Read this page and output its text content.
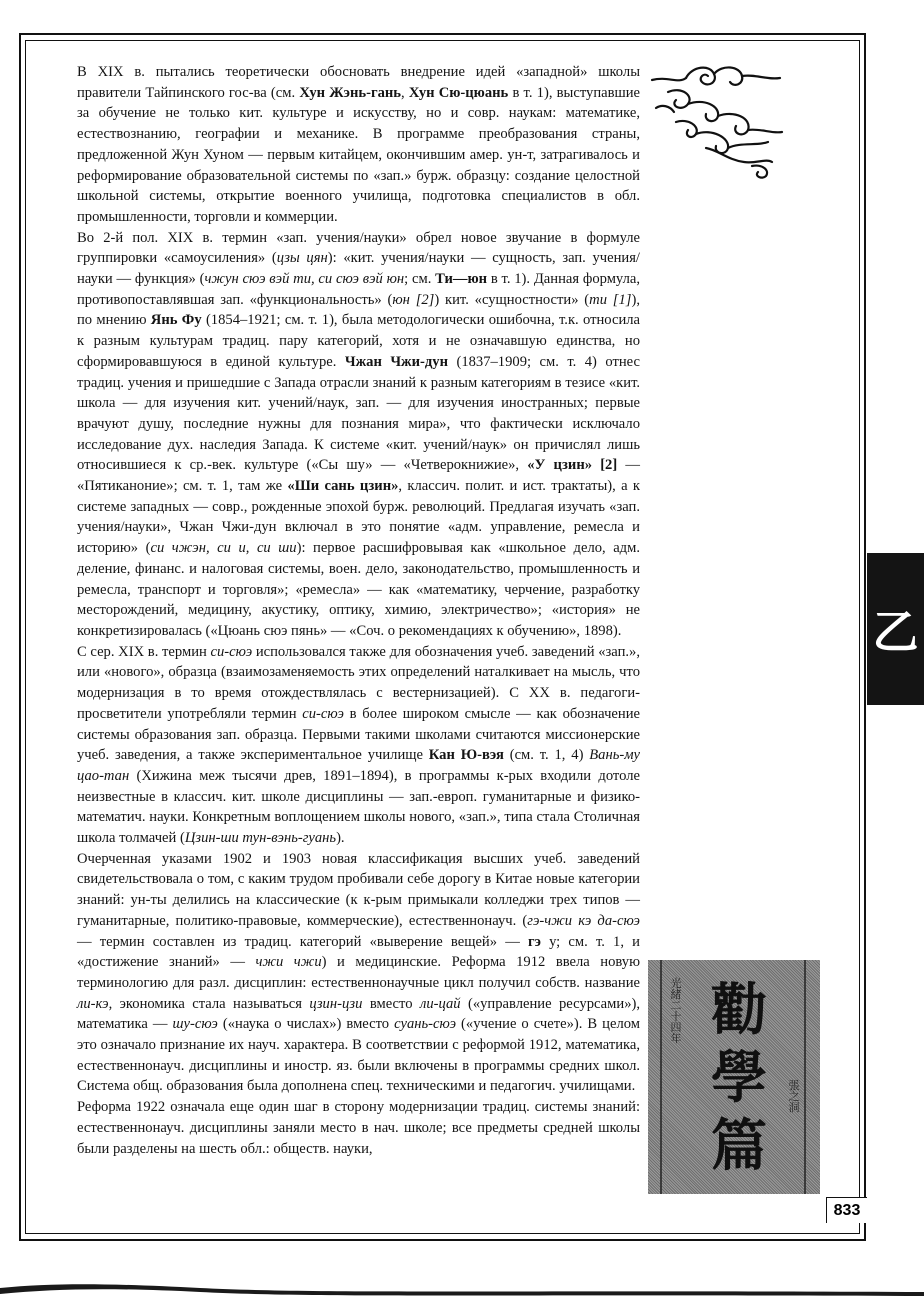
В XIX в. пытались теоретически обосновать внедрение идей «западной» школы правители Тайпинского гос-ва (см. Хун Жэнь-гань, Хун Сю-цюань в т. 1), выступавшие за обучение не только кит. культуре и искусству, но и совр. наукам: математике, естествознанию, географии и механике. В программе преобразования страны, предложенной Жун Хуном — первым китайцем, окончившим амер. ун-т, затрагивалось и реформирование образовательной системы по «зап.» бурж. образцу: создание целостной школьной системы, открытие военного училища, подготовка специалистов в обл. промышленности, торговли и коммерции.

Во 2-й пол. XIX в. термин «зап. учения/науки» обрел новое звучание в формуле группировки «самоусиления» (цзы цян): «кит. учения/науки — сущность, зап. учения/науки — функция» (чжун сюэ вэй ти, си сюэ вэй юн; см. Ти—юн в т. 1). Данная формула, противопоставлявшая зап. «функциональность» (юн [2]) кит. «сущностности» (ти [1]), по мнению Янь Фу (1854–1921; см. т. 1), была методологически ошибочна, т.к. относила к разным культурам традиц. пару категорий, хотя и не означавшую единства, но сформировавшуюся в единой культуре. Чжан Чжи-дун (1837–1909; см. т. 4) отнес традиц. учения и пришедшие с Запада отрасли знаний к разным категориям в тезисе «кит. школа — для изучения кит. учений/наук, зап. — для изучения иностранных; первые врачуют душу, последние нужны для познания мира», что фактически исключало исследование дух. наследия Запада. К системе «кит. учений/наук» он причислял лишь относившиеся к ср.-век. культуре («Сы шу» — «Четверокнижие», «У цзин» [2] — «Пятиканоние»; см. т. 1, там же «Ши сань цзин», классич. полит. и ист. трактаты), а к системе западных — совр., рожденные эпохой бурж. революций. Предлагая изучать «зап. учения/науки», Чжан Чжи-дун включал в это понятие «адм. управление, ремесла и историю» (си чжэн, си и, си ши): первое расшифровывая как «школьное дело, адм. деление, финанс. и налоговая системы, воен. дело, законодательство, промышленность и ремесла, транспорт и торговля»; «ремесла» — как «математику, черчение, разработку месторождений, медицину, акустику, оптику, химию, электричество»; «история» не конкретизировалась («Цюань сюэ пянь» — «Соч. о рекомендациях к обучению», 1898).

С сер. XIX в. термин си-сюэ использовался также для обозначения учеб. заведений «зап.», или «нового», образца (взаимозаменяемость этих определений наталкивает на мысль, что модернизация в то время отождествлялась с вестернизацией). С XX в. педагоги-просветители употребляли термин си-сюэ в более широком смысле — как обозначение системы образования зап. образца. Первыми такими школами считаются миссионерские учеб. заведения, а также экспериментальное училище Кан Ю-вэя (см. т. 1, 4) Вань-му цао-тан (Хижина меж тысячи древ, 1891–1894), в программы к-рых входили дотоле неизвестные в классич. кит. школе дисциплины — зап.-европ. гуманитарные и физико-математич. науки. Конкретным воплощением школы нового, «зап.», типа стала Столичная школа толмачей (Цзин-ши тун-вэнь-гуань).

Очерченная указами 1902 и 1903 новая классификация высших учеб. заведений свидетельствовала о том, с каким трудом пробивали себе дорогу в Китае новые категории знаний: ун-ты делились на классические (к к-рым примыкали колледжи трех типов — гуманитарные, политико-правовые, коммерческие), естественнонауч. (гэ-чжи кэ да-сюэ — термин составлен из традиц. категорий «выверение вещей» — гэ у; см. т. 1, и «достижение знаний» — чжи чжи) и медицинские. Реформа 1912 ввела новую терминологию для разл. дисциплин: естественнонаучные цикл получил собств. название ли-кэ, экономика стала называться цзин-цзи вместо ли-цай («управление ресурсами»), математика — шу-сюэ («наука о числах») вместо суань-сюэ («учение о счете»). В целом это означало признание их науч. характера. В соответствии с реформой 1912, математика, естественнонауч. дисциплины и иностр. яз. были включены в программы средних школ. Система общ. образования была дополнена спец. техническими и педагогич. училищами.

Реформа 1922 означала еще один шаг в сторону модернизации традиц. системы знаний: естественнонауч. дисциплины заняли место в нач. школе; все предметы средней школы были разделены на шесть обл.: обществ. науки,

乙
光緒二十四年 勸
學
篇
張之洞
833
